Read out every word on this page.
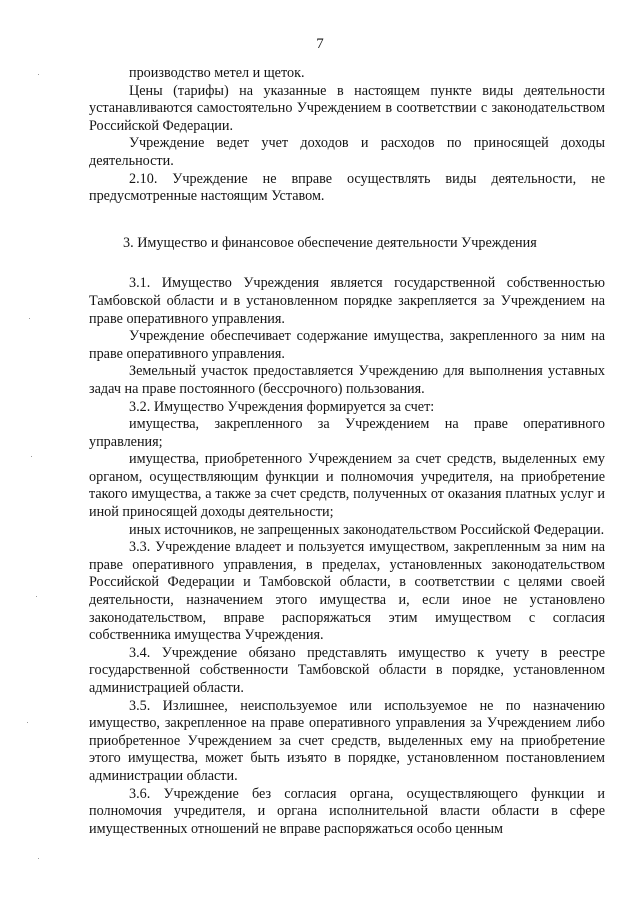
7

производство метел и щеток.

Цены (тарифы) на указанные в настоящем пункте виды деятельности устанавливаются самостоятельно Учреждением в соответствии с законодательством Российской Федерации.

Учреждение ведет учет доходов и расходов по приносящей доходы деятельности.

2.10. Учреждение не вправе осуществлять виды деятельности, не предусмотренные настоящим Уставом.

3. Имущество и финансовое обеспечение деятельности Учреждения

3.1. Имущество Учреждения является государственной собственностью Тамбовской области и в установленном порядке закрепляется за Учреждением на праве оперативного управления.

Учреждение обеспечивает содержание имущества, закрепленного за ним на праве оперативного управления.

Земельный участок предоставляется Учреждению для выполнения уставных задач на праве постоянного (бессрочного) пользования.

3.2. Имущество Учреждения формируется за счет:

имущества, закрепленного за Учреждением на праве оперативного управления;

имущества, приобретенного Учреждением за счет средств, выделенных ему органом, осуществляющим функции и полномочия учредителя, на приобретение такого имущества, а также за счет средств, полученных от оказания платных услуг и иной приносящей доходы деятельности;

иных источников, не запрещенных законодательством Российской Федерации.

3.3. Учреждение владеет и пользуется имуществом, закрепленным за ним на праве оперативного управления, в пределах, установленных законодательством Российской Федерации и Тамбовской области, в соответствии с целями своей деятельности, назначением этого имущества и, если иное не установлено законодательством, вправе распоряжаться этим имуществом с согласия собственника имущества Учреждения.

3.4. Учреждение обязано представлять имущество к учету в реестре государственной собственности Тамбовской области в порядке, установленном администрацией области.

3.5. Излишнее, неиспользуемое или используемое не по назначению имущество, закрепленное на праве оперативного управления за Учреждением либо приобретенное Учреждением за счет средств, выделенных ему на приобретение этого имущества, может быть изъято в порядке, установленном постановлением администрации области.

3.6. Учреждение без согласия органа, осуществляющего функции и полномочия учредителя, и органа исполнительной власти области в сфере имущественных отношений не вправе распоряжаться особо ценным
